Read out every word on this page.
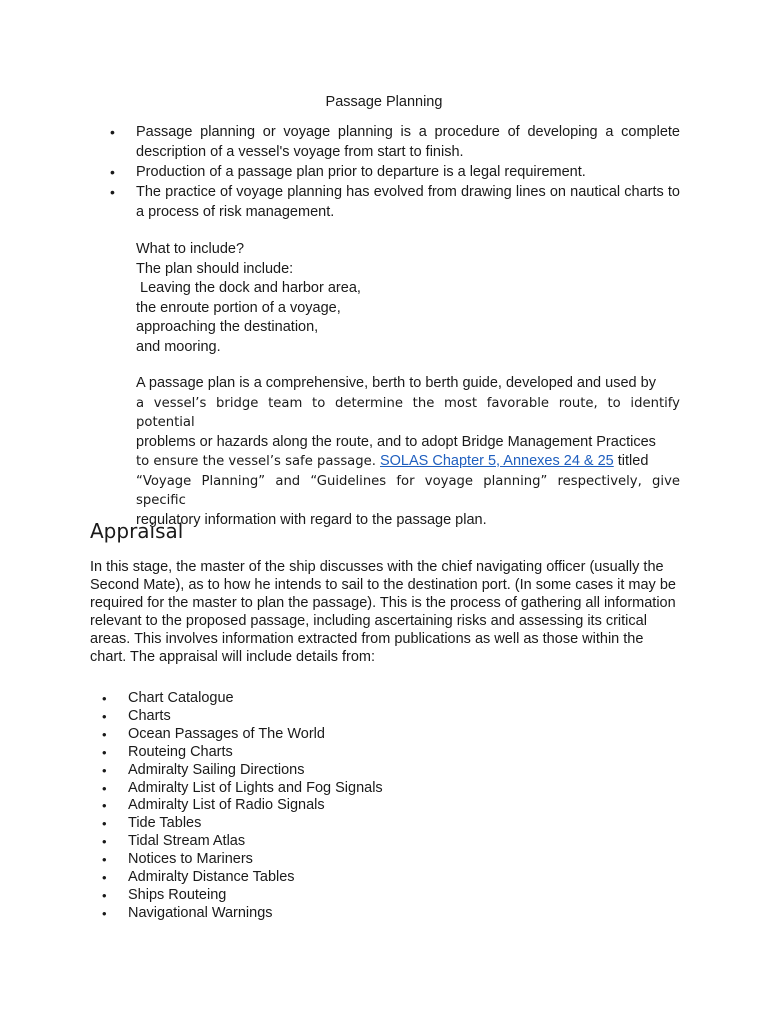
Passage Planning
• Passage planning or voyage planning is a procedure of developing a complete description of a vessel's voyage from start to finish.
• Production of a passage plan prior to departure is a legal requirement.
• The practice of voyage planning has evolved from drawing lines on nautical charts to a process of risk management.

What to include?

The plan should include:

Leaving the dock and harbor area,

the enroute portion of a voyage,

approaching the destination,

and mooring.

A passage plan is a comprehensive, berth to berth guide, developed and used by

a vessel’s bridge team to determine the most favorable route, to identify potential

problems or hazards along the route, and to adopt Bridge Management Practices

to ensure the vessel’s safe passage. SOLAS Chapter 5, Annexes 24 & 25 titled

“Voyage Planning” and “Guidelines for voyage planning” respectively, give specific

regulatory information with regard to the passage plan.

Appraisal

In this stage, the master of the ship discusses with the chief navigating officer (usually the Second Mate), as to how he intends to sail to the destination port. (In some cases it may be required for the master to plan the passage). This is the process of gathering all information relevant to the proposed passage, including ascertaining risks and assessing its critical areas. This involves information extracted from publications as well as those within the chart. The appraisal will include details from:

• Chart Catalogue
• Charts
• Ocean Passages of The World
• Routeing Charts
• Admiralty Sailing Directions
• Admiralty List of Lights and Fog Signals
• Admiralty List of Radio Signals
• Tide Tables
• Tidal Stream Atlas
• Notices to Mariners
• Admiralty Distance Tables
• Ships Routeing
• Navigational Warnings
